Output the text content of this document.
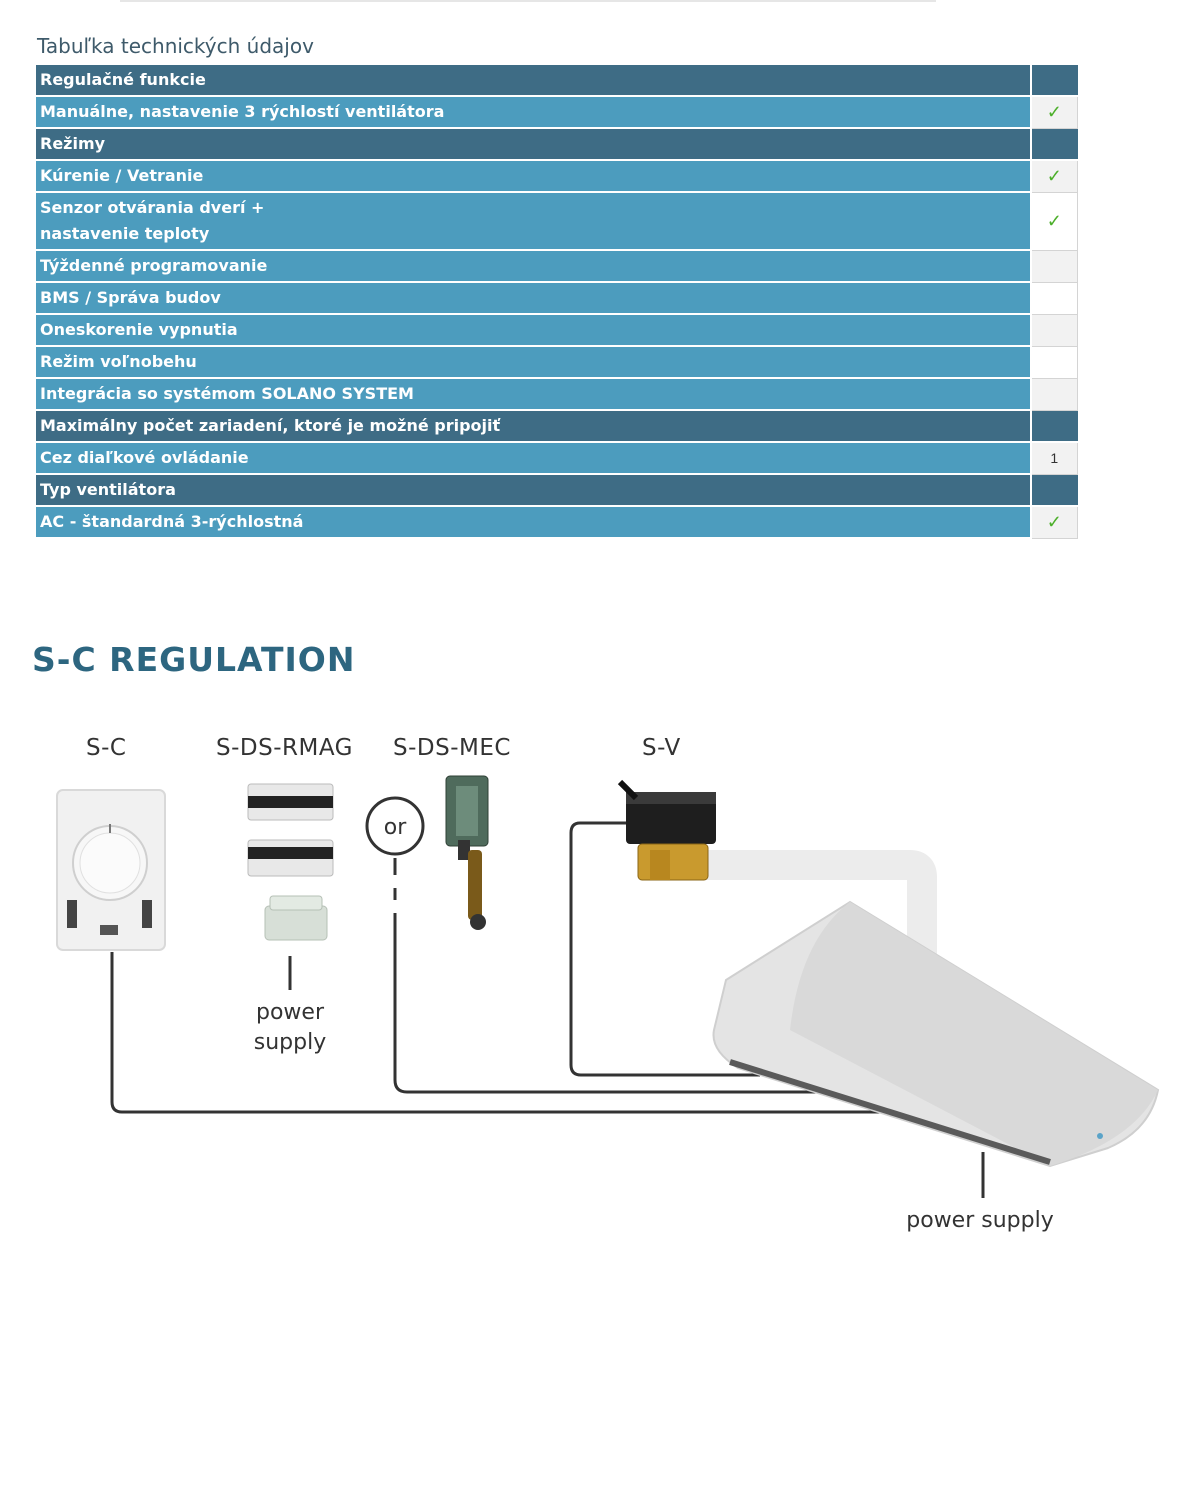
Tabuľka technických údajov
Regulačné funkcie	
Manuálne, nastavenie 3 rýchlostí ventilátora	✓
Režimy	
Kúrenie / Vetranie	✓
Senzor otvárania dverí +
nastavenie teploty	✓
Týždenné programovanie	
BMS / Správa budov	
Oneskorenie vypnutia	
Režim voľnobehu	
Integrácia so systémom SOLANO SYSTEM	
Maximálny počet zariadení, ktoré je možné pripojiť	
Cez diaľkové ovládanie	1
Typ ventilátora	
AC - štandardná 3-rýchlostná	✓
S-C REGULATION
S-C	S-DS-RMAG S-DS-MEC	S-V
or
power
supply
power supply
